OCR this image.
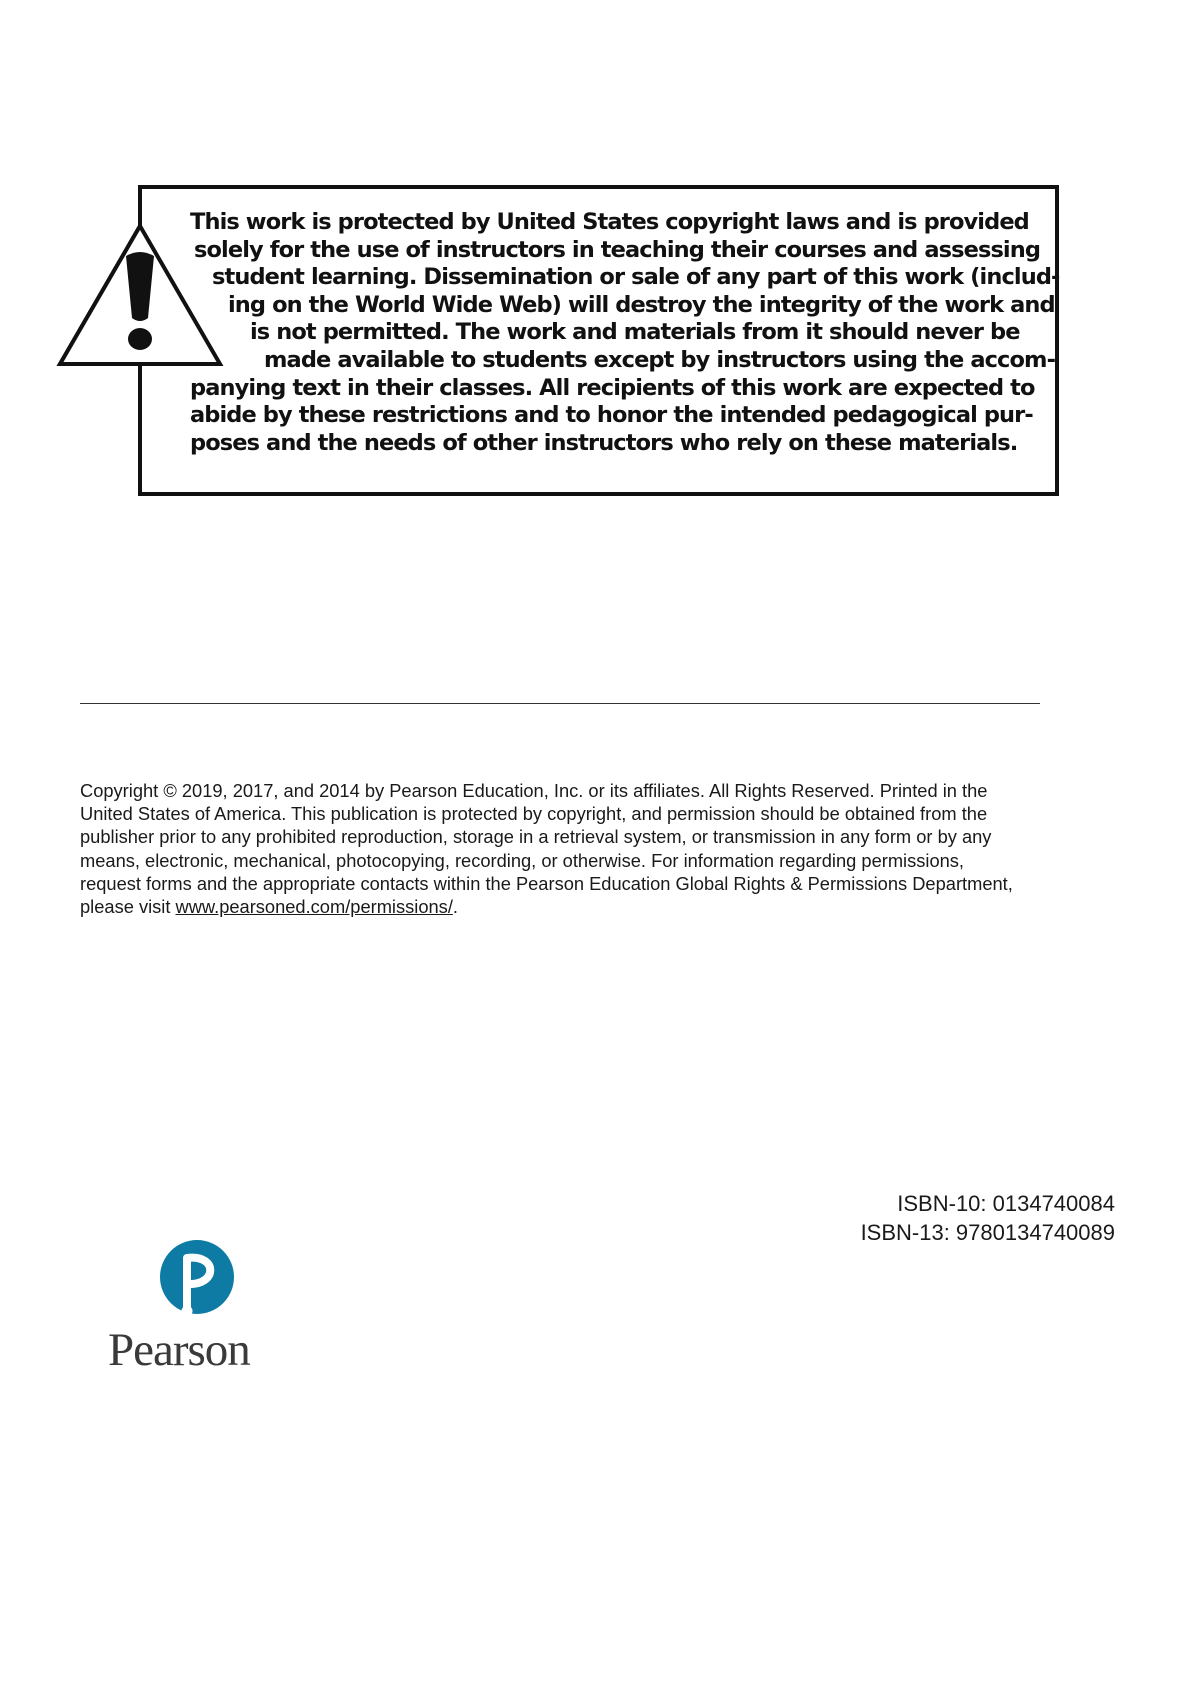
This work is protected by United States copyright laws and is provided
solely for the use of instructors in teaching their courses and assessing
student learning. Dissemination or sale of any part of this work (includ-
ing on the World Wide Web) will destroy the integrity of the work and
is not permitted. The work and materials from it should never be
made available to students except by instructors using the accom-
panying text in their classes. All recipients of this work are expected to
abide by these restrictions and to honor the intended pedagogical pur-
poses and the needs of other instructors who rely on these materials.
Copyright © 2019, 2017, and 2014 by Pearson Education, Inc. or its affiliates. All Rights Reserved. Printed in the
United States of America. This publication is protected by copyright, and permission should be obtained from the
publisher prior to any prohibited reproduction, storage in a retrieval system, or transmission in any form or by any
means, electronic, mechanical, photocopying, recording, or otherwise. For information regarding permissions,
request forms and the appropriate contacts within the Pearson Education Global Rights & Permissions Department,
please visit www.pearsoned.com/permissions/.
ISBN-10: 0134740084
ISBN-13: 9780134740089
Pearson
